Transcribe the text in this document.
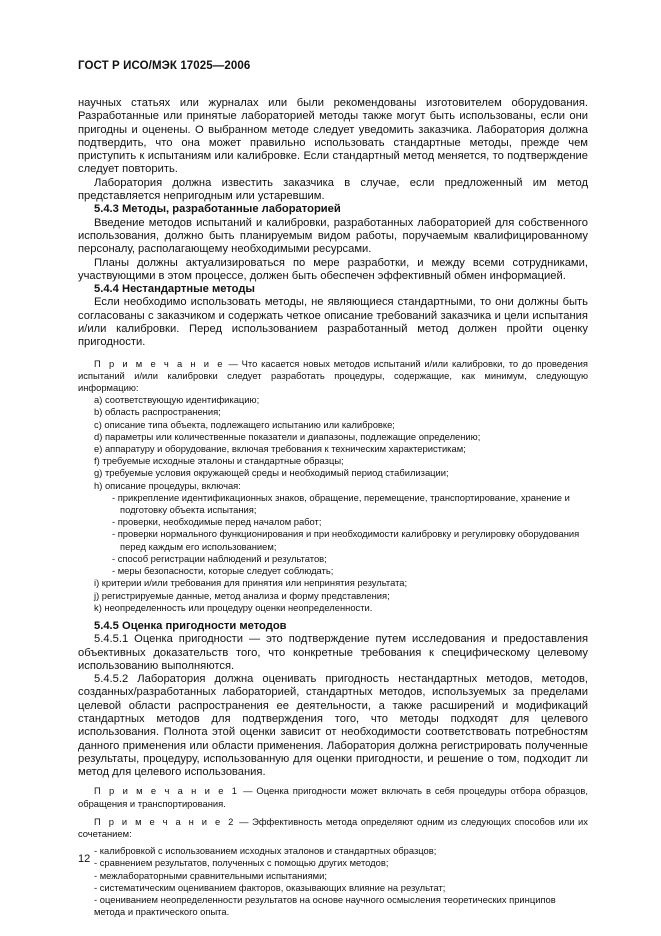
ГОСТ Р ИСО/МЭК 17025—2006

научных статьях или журналах или были рекомендованы изготовителем оборудования. Разработанные или принятые лабораторией методы также могут быть использованы, если они пригодны и оценены. О выбранном методе следует уведомить заказчика. Лаборатория должна подтвердить, что она может правильно использовать стандартные методы, прежде чем приступить к испытаниям или калибровке. Если стандартный метод меняется, то подтверждение следует повторить.

Лаборатория должна известить заказчика в случае, если предложенный им метод представляется непригодным или устаревшим.

5.4.3 Методы, разработанные лабораторией

Введение методов испытаний и калибровки, разработанных лабораторией для собственного использования, должно быть планируемым видом работы, поручаемым квалифицированному персоналу, располагающему необходимыми ресурсами.

Планы должны актуализироваться по мере разработки, и между всеми сотрудниками, участвующими в этом процессе, должен быть обеспечен эффективный обмен информацией.

5.4.4 Нестандартные методы

Если необходимо использовать методы, не являющиеся стандартными, то они должны быть согласованы с заказчиком и содержать четкое описание требований заказчика и цели испытания и/или калибровки. Перед использованием разработанный метод должен пройти оценку пригодности.

П р и м е ч а н и е — Что касается новых методов испытаний и/или калибровки, то до проведения испытаний и/или калибровки следует разработать процедуры, содержащие, как минимум, следующую информацию:

a) соответствующую идентификацию;

b) область распространения;

c) описание типа объекта, подлежащего испытанию или калибровке;

d) параметры или количественные показатели и диапазоны, подлежащие определению;

e) аппаратуру и оборудование, включая требования к техническим характеристикам;

f) требуемые исходные эталоны и стандартные образцы;

g) требуемые условия окружающей среды и необходимый период стабилизации;

h) описание процедуры, включая:

- прикрепление идентификационных знаков, обращение, перемещение, транспортирование, хранение и подготовку объекта испытания;

- проверки, необходимые перед началом работ;

- проверки нормального функционирования и при необходимости калибровку и регулировку оборудования перед каждым его использованием;

- способ регистрации наблюдений и результатов;

- меры безопасности, которые следует соблюдать;

i) критерии и/или требования для принятия или непринятия результата;

j) регистрируемые данные, метод анализа и форму представления;

k) неопределенность или процедуру оценки неопределенности.

5.4.5 Оценка пригодности методов

5.4.5.1 Оценка пригодности — это подтверждение путем исследования и предоставления объективных доказательств того, что конкретные требования к специфическому целевому использованию выполняются.

5.4.5.2 Лаборатория должна оценивать пригодность нестандартных методов, методов, созданных/разработанных лабораторией, стандартных методов, используемых за пределами целевой области распространения ее деятельности, а также расширений и модификаций стандартных методов для подтверждения того, что методы подходят для целевого использования. Полнота этой оценки зависит от необходимости соответствовать потребностям данного применения или области применения. Лаборатория должна регистрировать полученные результаты, процедуру, использованную для оценки пригодности, и решение о том, подходит ли метод для целевого использования.

П р и м е ч а н и е 1 — Оценка пригодности может включать в себя процедуры отбора образцов, обращения и транспортирования.

П р и м е ч а н и е 2 — Эффективность метода определяют одним из следующих способов или их сочетанием:

- калибровкой с использованием исходных эталонов и стандартных образцов;

- сравнением результатов, полученных с помощью других методов;

- межлабораторными сравнительными испытаниями;

- систематическим оцениванием факторов, оказывающих влияние на результат;

- оцениванием неопределенности результатов на основе научного осмысления теоретических принципов метода и практического опыта.

12
